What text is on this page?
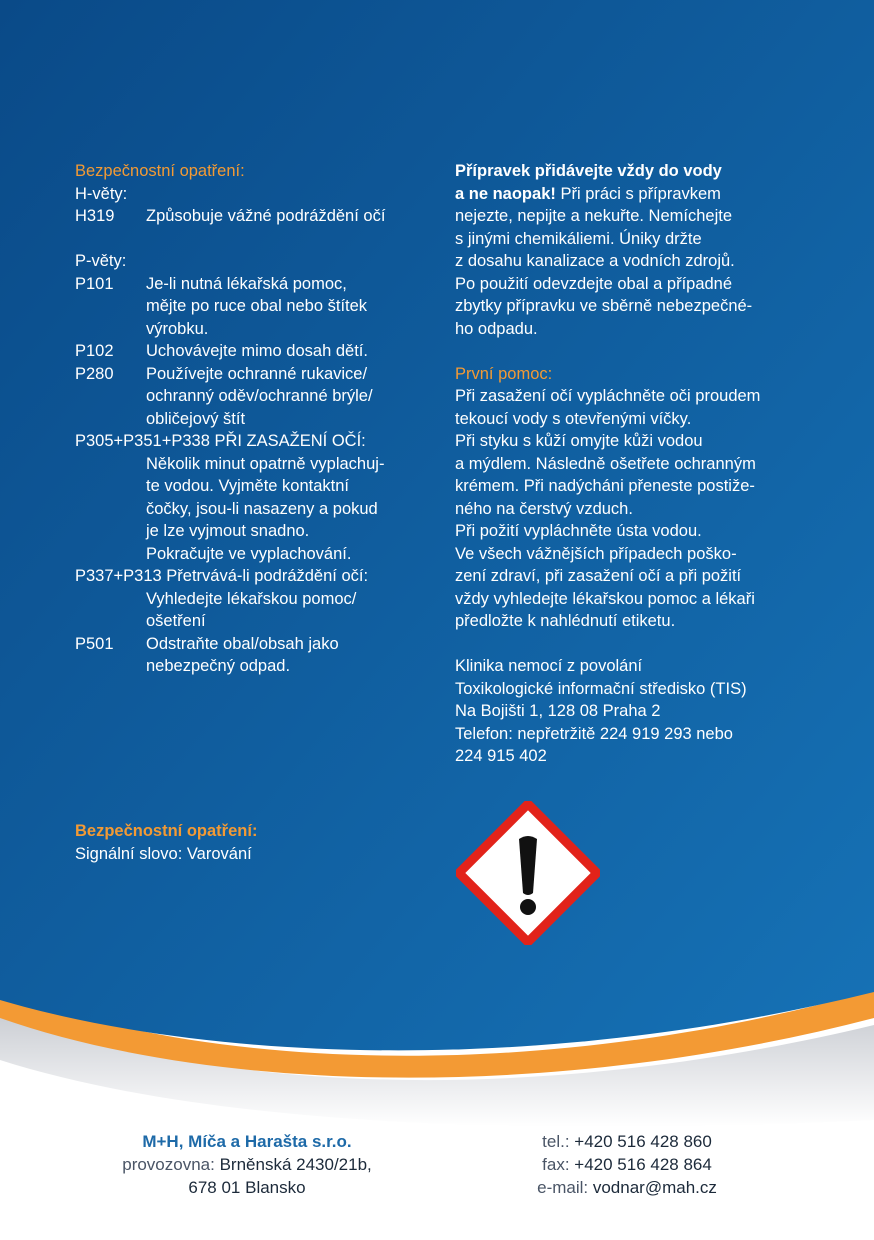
Bezpečnostní opatření:
H-věty:
H319	Způsobuje vážné podráždění očí
P-věty:
P101	Je-li nutná lékařská pomoc,
mějte po ruce obal nebo štítek
výrobku.
P102	Uchovávejte mimo dosah dětí.
P280	Používejte ochranné rukavice/
ochranný oděv/ochranné brýle/
obličejový štít
P305+P351+P338 PŘI ZASAŽENÍ OČÍ:
Několik minut opatrně vyplachuj-
te vodou. Vyjměte kontaktní
čočky, jsou-li nasazeny a pokud
je lze vyjmout snadno.
Pokračujte ve vyplachování.
P337+P313 Přetrvává-li podráždění očí:
Vyhledejte lékařskou pomoc/
ošetření
P501	Odstraňte obal/obsah jako
nebezpečný odpad.
Přípravek přidávejte vždy do vody
a ne naopak! Při práci s přípravkem
nejezte, nepijte a nekuřte. Nemíchejte
s jinými chemikáliemi. Úniky držte
z dosahu kanalizace a vodních zdrojů.
Po použití odevzdejte obal a případné
zbytky přípravku ve sběrně nebezpečné-
ho odpadu.
První pomoc:
Při zasažení očí vypláchněte oči proudem
tekoucí vody s otevřenými víčky.
Při styku s kůží omyjte kůži vodou
a mýdlem. Následně ošetřete ochranným
krémem. Při nadýcháni přeneste postiže-
ného na čerstvý vzduch.
Při požití vypláchněte ústa vodou.
Ve všech vážnějších případech poško-
zení zdraví, při zasažení očí a při požití
vždy vyhledejte lékařskou pomoc a lékaři
předložte k nahlédnutí etiketu.
Klinika nemocí z povolání
Toxikologické informační středisko (TIS)
Na Bojišti 1, 128 08 Praha 2
Telefon: nepřetržitě 224 919 293 nebo
224 915 402
Bezpečnostní opatření:
Signální slovo: Varování
M+H, Míča a Harašta s.r.o.
provozovna: Brněnská 2430/21b,
678 01 Blansko
tel.: +420 516 428 860
fax: +420 516 428 864
e-mail: vodnar@mah.cz
